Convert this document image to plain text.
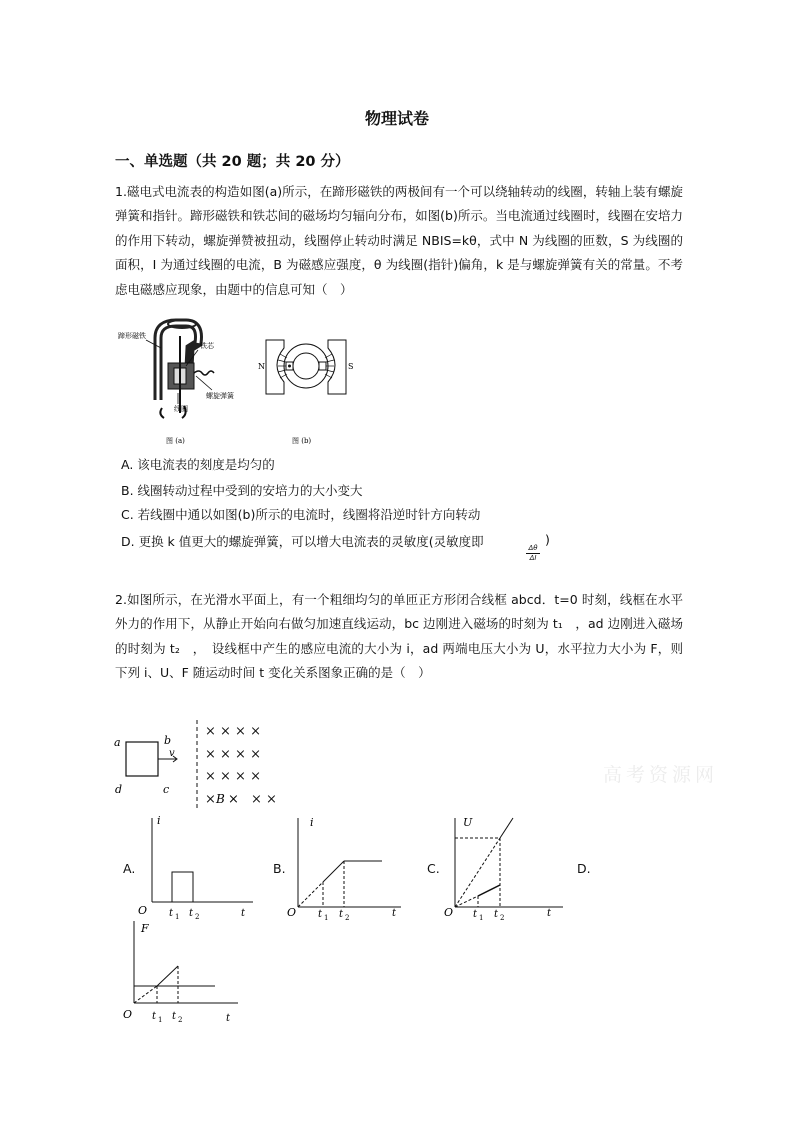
物理试卷
一、单选题（共 20 题；共 20 分）
1.磁电式电流表的构造如图(a)所示，在蹄形磁铁的两极间有一个可以绕轴转动的线圈，转轴上装有螺旋弹簧和指针。蹄形磁铁和铁芯间的磁场均匀辐向分布，如图(b)所示。当电流通过线圈时，线圈在安培力的作用下转动，螺旋弹赞被扭动，线圈停止转动时满足 NBIS=kθ，式中 N 为线圈的匝数，S 为线圈的面积，I 为通过线圈的电流，B 为磁感应强度，θ 为线圈(指针)偏角，k 是与螺旋弹簧有关的常量。不考虑电磁感应现象，由题中的信息可知（　）
蹄形磁铁
铁芯
螺旋弹簧
线圈
图 (a)
N	S
图 (b)
A. 该电流表的刻度是均匀的
B. 线圈转动过程中受到的安培力的大小变大
C. 若线圈中通以如图(b)所示的电流时，线圈将沿逆时针方向转动
D. 更换 k 值更大的螺旋弹簧，可以增大电流表的灵敏度(灵敏度即	)
Δθ
ΔI
2.如图所示，在光滑水平面上，有一个粗细均匀的单匝正方形闭合线框 abcd．t=0 时刻，线框在水平外力的作用下，从静止开始向右做匀加速直线运动，bc 边刚进入磁场的时刻为 t₁　，ad 边刚进入磁场的时刻为 t₂　，　设线框中产生的感应电流的大小为 i，ad 两端电压大小为 U，水平拉力大小为 F，则下列 i、U、F 随运动时间 t 变化关系图象正确的是（　）
a	b
v
d	c
× × × ×
× × × ×
× × × ×
×	× ×
B ×
高考资源网
A.	B.	C.	D.
i
O t 1 t 2	t
i
O t 1 t 2	t
U
O t 1 t 2	t
F
O t 1 t 2	t
